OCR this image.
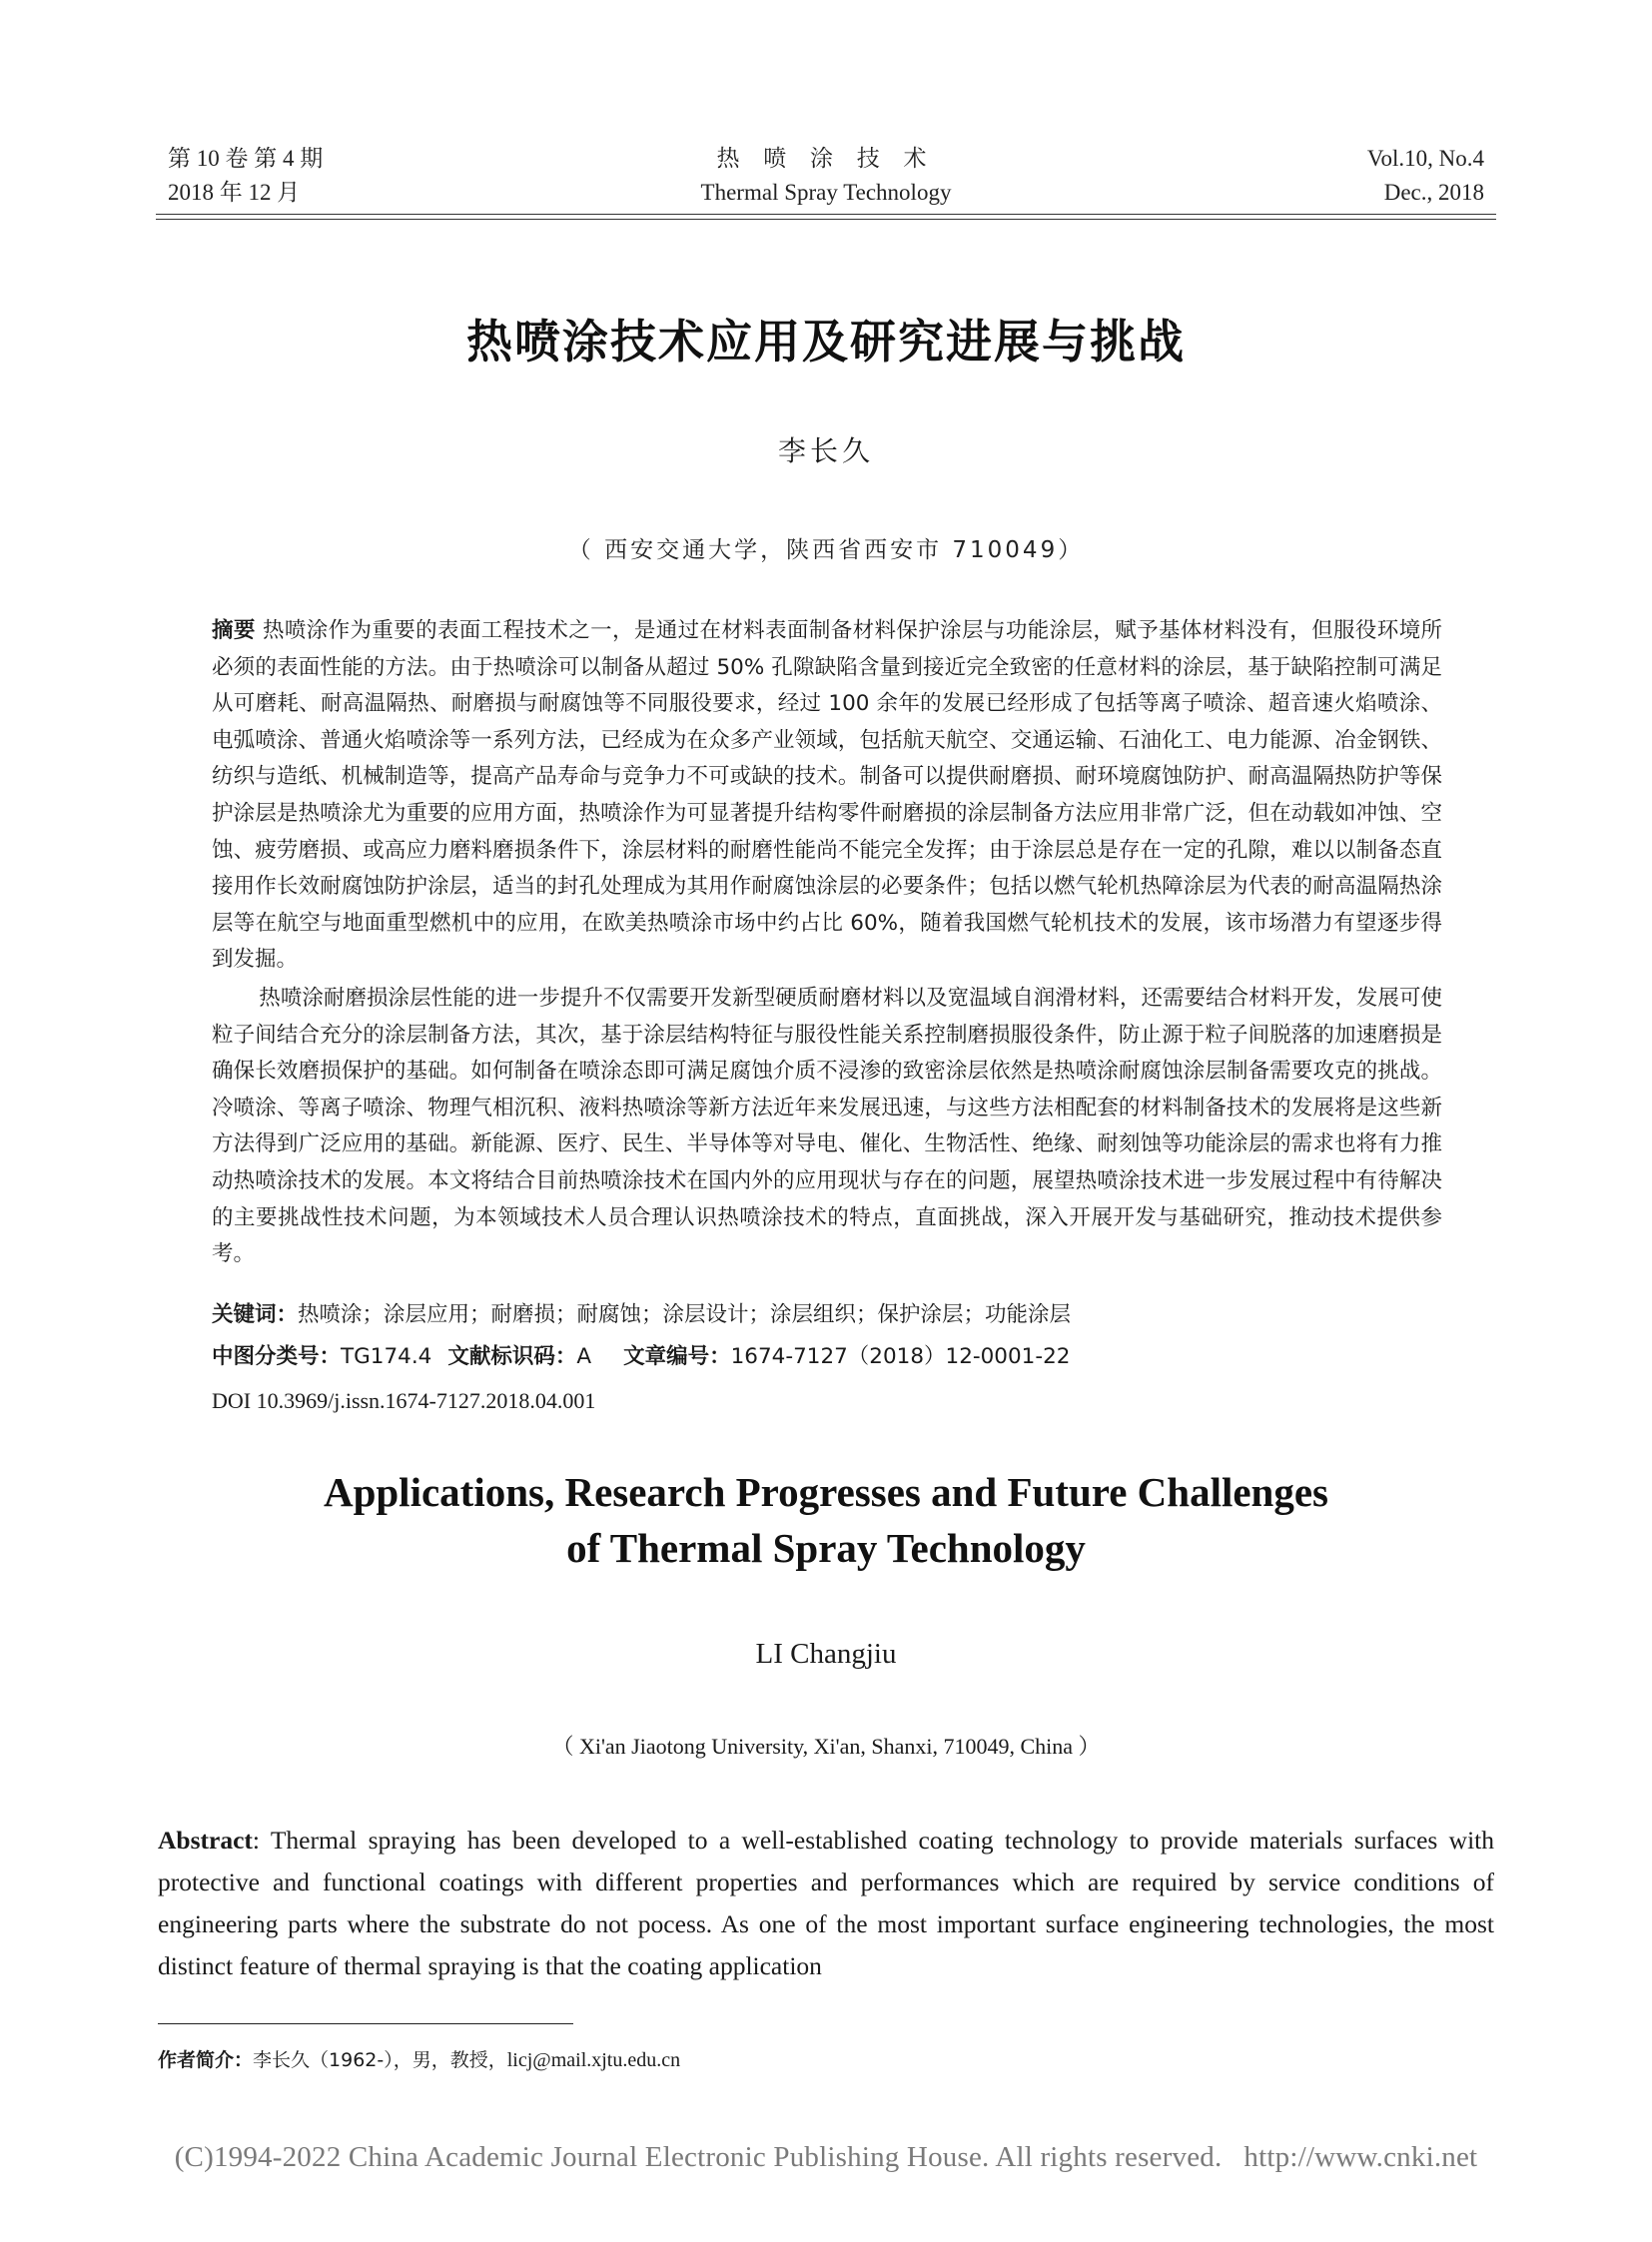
第 10 卷 第 4 期
2018 年 12 月
热 喷 涂 技 术
Thermal Spray Technology
Vol.10, No.4
Dec., 2018
热喷涂技术应用及研究进展与挑战
李长久
（ 西安交通大学，陕西省西安市 710049）
摘要 热喷涂作为重要的表面工程技术之一，是通过在材料表面制备材料保护涂层与功能涂层，赋予基体材料没有，但服役环境所必须的表面性能的方法。由于热喷涂可以制备从超过 50% 孔隙缺陷含量到接近完全致密的任意材料的涂层，基于缺陷控制可满足从可磨耗、耐高温隔热、耐磨损与耐腐蚀等不同服役要求，经过 100 余年的发展已经形成了包括等离子喷涂、超音速火焰喷涂、电弧喷涂、普通火焰喷涂等一系列方法，已经成为在众多产业领域，包括航天航空、交通运输、石油化工、电力能源、冶金钢铁、纺织与造纸、机械制造等，提高产品寿命与竞争力不可或缺的技术。制备可以提供耐磨损、耐环境腐蚀防护、耐高温隔热防护等保护涂层是热喷涂尤为重要的应用方面，热喷涂作为可显著提升结构零件耐磨损的涂层制备方法应用非常广泛，但在动载如冲蚀、空蚀、疲劳磨损、或高应力磨料磨损条件下，涂层材料的耐磨性能尚不能完全发挥；由于涂层总是存在一定的孔隙，难以以制备态直接用作长效耐腐蚀防护涂层，适当的封孔处理成为其用作耐腐蚀涂层的必要条件；包括以燃气轮机热障涂层为代表的耐高温隔热涂层等在航空与地面重型燃机中的应用，在欧美热喷涂市场中约占比 60%，随着我国燃气轮机技术的发展，该市场潜力有望逐步得到发掘。
热喷涂耐磨损涂层性能的进一步提升不仅需要开发新型硬质耐磨材料以及宽温域自润滑材料，还需要结合材料开发，发展可使粒子间结合充分的涂层制备方法，其次，基于涂层结构特征与服役性能关系控制磨损服役条件，防止源于粒子间脱落的加速磨损是确保长效磨损保护的基础。如何制备在喷涂态即可满足腐蚀介质不浸渗的致密涂层依然是热喷涂耐腐蚀涂层制备需要攻克的挑战。冷喷涂、等离子喷涂、物理气相沉积、液料热喷涂等新方法近年来发展迅速，与这些方法相配套的材料制备技术的发展将是这些新方法得到广泛应用的基础。新能源、医疗、民生、半导体等对导电、催化、生物活性、绝缘、耐刻蚀等功能涂层的需求也将有力推动热喷涂技术的发展。本文将结合目前热喷涂技术在国内外的应用现状与存在的问题，展望热喷涂技术进一步发展过程中有待解决的主要挑战性技术问题，为本领域技术人员合理认识热喷涂技术的特点，直面挑战，深入开展开发与基础研究，推动技术提供参考。
关键词：热喷涂；涂层应用；耐磨损；耐腐蚀；涂层设计；涂层组织；保护涂层；功能涂层
中图分类号：TG174.4 文献标识码：A 文章编号：1674-7127（2018）12-0001-22
DOI 10.3969/j.issn.1674-7127.2018.04.001
Applications, Research Progresses and Future Challenges
of Thermal Spray Technology
LI Changjiu
（ Xi'an Jiaotong University, Xi'an, Shanxi, 710049, China ）
Abstract: Thermal spraying has been developed to a well-established coating technology to provide materials surfaces with protective and functional coatings with different properties and performances which are required by service conditions of engineering parts where the substrate do not pocess. As one of the most important surface engineering technologies, the most distinct feature of thermal spraying is that the coating application
作者简介：李长久（1962-），男，教授，licj@mail.xjtu.edu.cn
(C)1994-2022 China Academic Journal Electronic Publishing House. All rights reserved. http://www.cnki.net
